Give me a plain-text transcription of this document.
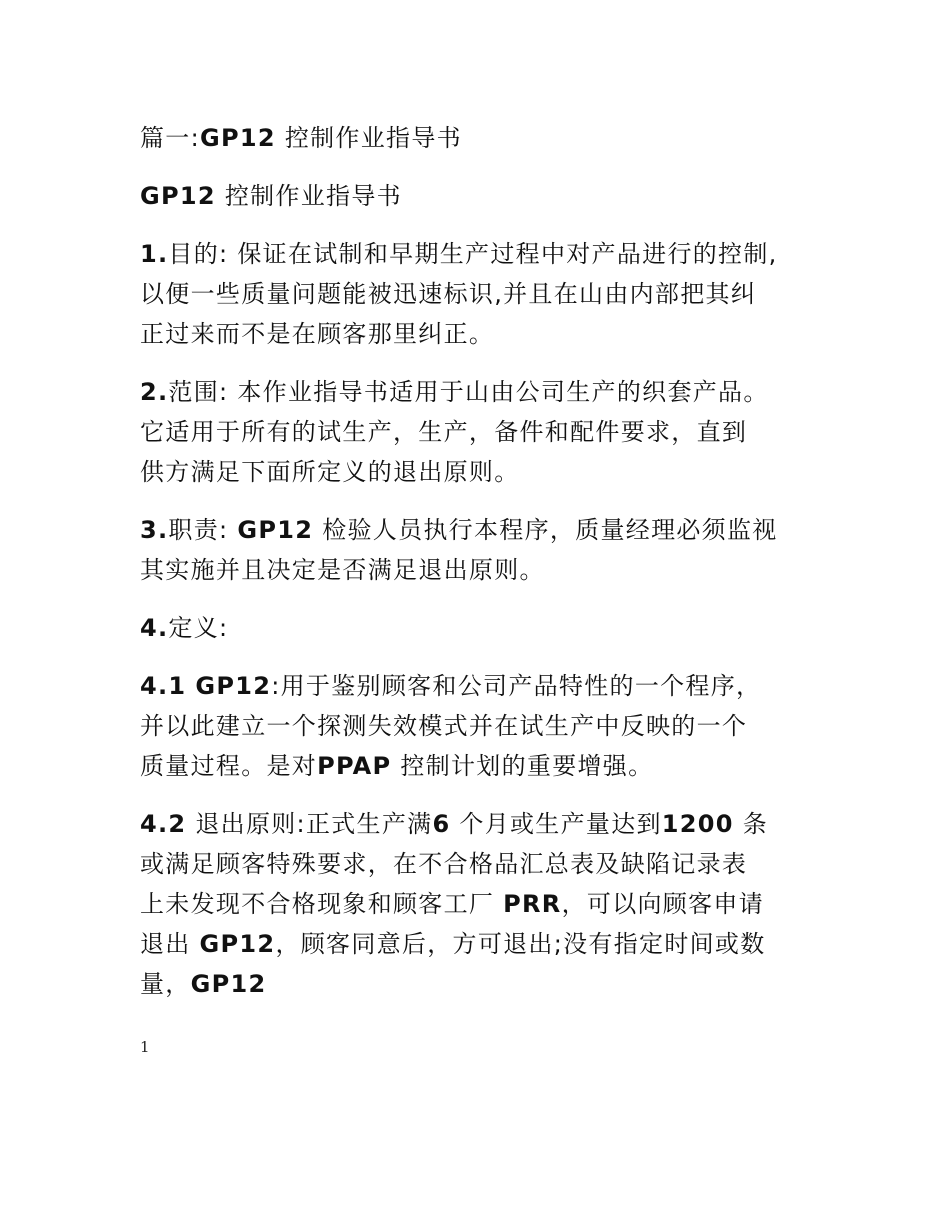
篇一:GP12 控制作业指导书

GP12 控制作业指导书

1.目的: 保证在试制和早期生产过程中对产品进行的控制,
以便一些质量问题能被迅速标识,并且在山由内部把其纠
正过来而不是在顾客那里纠正。
2.范围: 本作业指导书适用于山由公司生产的织套产品。
它适用于所有的试生产，生产，备件和配件要求，直到
供方满足下面所定义的退出原则。
3.职责: GP12 检验人员执行本程序，质量经理必须监视
其实施并且决定是否满足退出原则。
4.定义:
4.1 GP12:用于鉴别顾客和公司产品特性的一个程序，
并以此建立一个探测失效模式并在试生产中反映的一个
质量过程。是对PPAP 控制计划的重要增强。
4.2 退出原则:正式生产满6 个月或生产量达到1200 条
或满足顾客特殊要求，在不合格品汇总表及缺陷记录表
上未发现不合格现象和顾客工厂 PRR，可以向顾客申请
退出 GP12，顾客同意后，方可退出;没有指定时间或数
量，GP12
1
